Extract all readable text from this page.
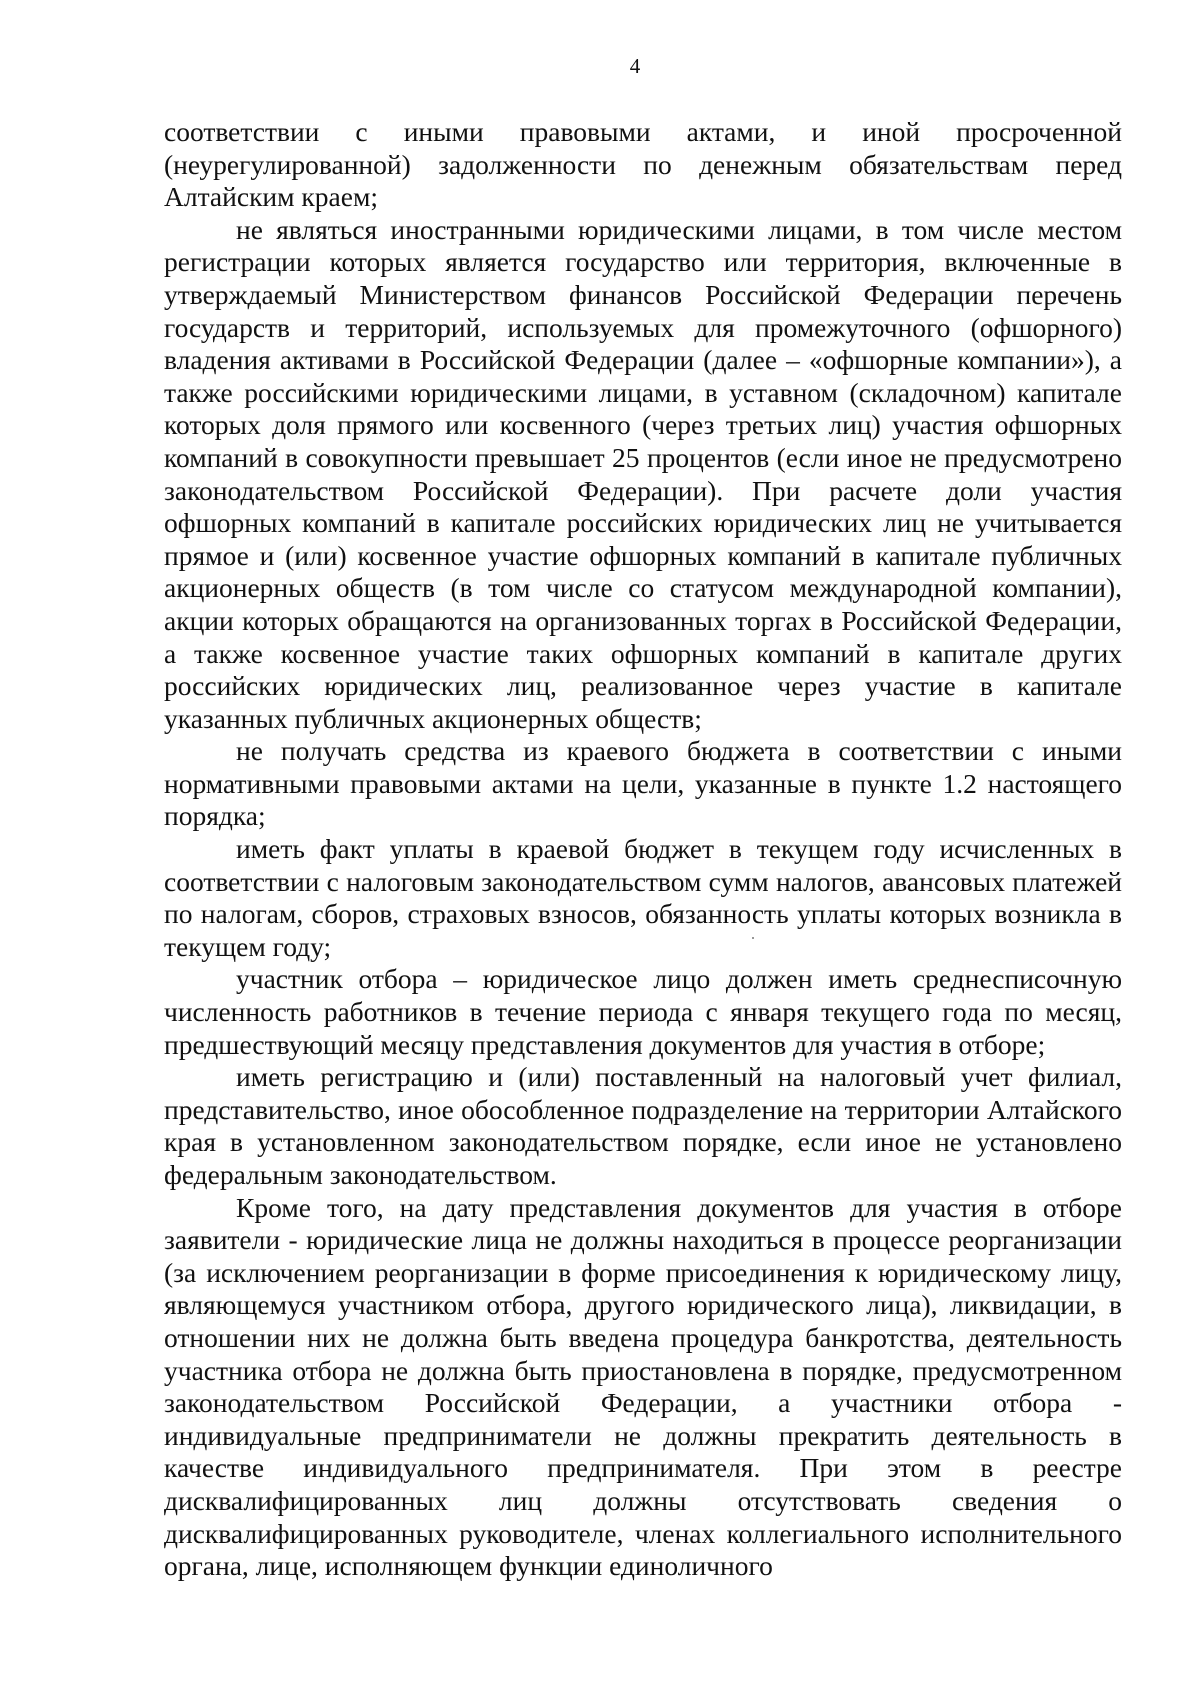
4

соответствии с иными правовыми актами, и иной просроченной (неурегулированной) задолженности по денежным обязательствам перед Алтайским краем;

не являться иностранными юридическими лицами, в том числе местом регистрации которых является государство или территория, включенные в утверждаемый Министерством финансов Российской Федерации перечень государств и территорий, используемых для промежуточного (офшорного) владения активами в Российской Федерации (далее – «офшорные компании»), а также российскими юридическими лицами, в уставном (складочном) капитале которых доля прямого или косвенного (через третьих лиц) участия офшорных компаний в совокупности превышает 25 процентов (если иное не предусмотрено законодательством Российской Федерации). При расчете доли участия офшорных компаний в капитале российских юридических лиц не учитывается прямое и (или) косвенное участие офшорных компаний в капитале публичных акционерных обществ (в том числе со статусом международной компании), акции которых обращаются на организованных торгах в Российской Федерации, а также косвенное участие таких офшорных компаний в капитале других российских юридических лиц, реализованное через участие в капитале указанных публичных акционерных обществ;

не получать средства из краевого бюджета в соответствии с иными нормативными правовыми актами на цели, указанные в пункте 1.2 настоящего порядка;

иметь факт уплаты в краевой бюджет в текущем году исчисленных в соответствии с налоговым законодательством сумм налогов, авансовых платежей по налогам, сборов, страховых взносов, обязанность уплаты которых возникла в текущем году;

участник отбора – юридическое лицо должен иметь среднесписочную численность работников в течение периода с января текущего года по месяц, предшествующий месяцу представления документов для участия в отборе;

иметь регистрацию и (или) поставленный на налоговый учет филиал, представительство, иное обособленное подразделение на территории Алтайского края в установленном законодательством порядке, если иное не установлено федеральным законодательством.

Кроме того, на дату представления документов для участия в отборе заявители - юридические лица не должны находиться в процессе реорганизации (за исключением реорганизации в форме присоединения к юридическому лицу, являющемуся участником отбора, другого юридического лица), ликвидации, в отношении них не должна быть введена процедура банкротства, деятельность участника отбора не должна быть приостановлена в порядке, предусмотренном законодательством Российской Федерации, а участники отбора - индивидуальные предприниматели не должны прекратить деятельность в качестве индивидуального предпринимателя. При этом в реестре дисквалифицированных лиц должны отсутствовать сведения о дисквалифицированных руководителе, членах коллегиального исполнительного органа, лице, исполняющем функции единоличного
